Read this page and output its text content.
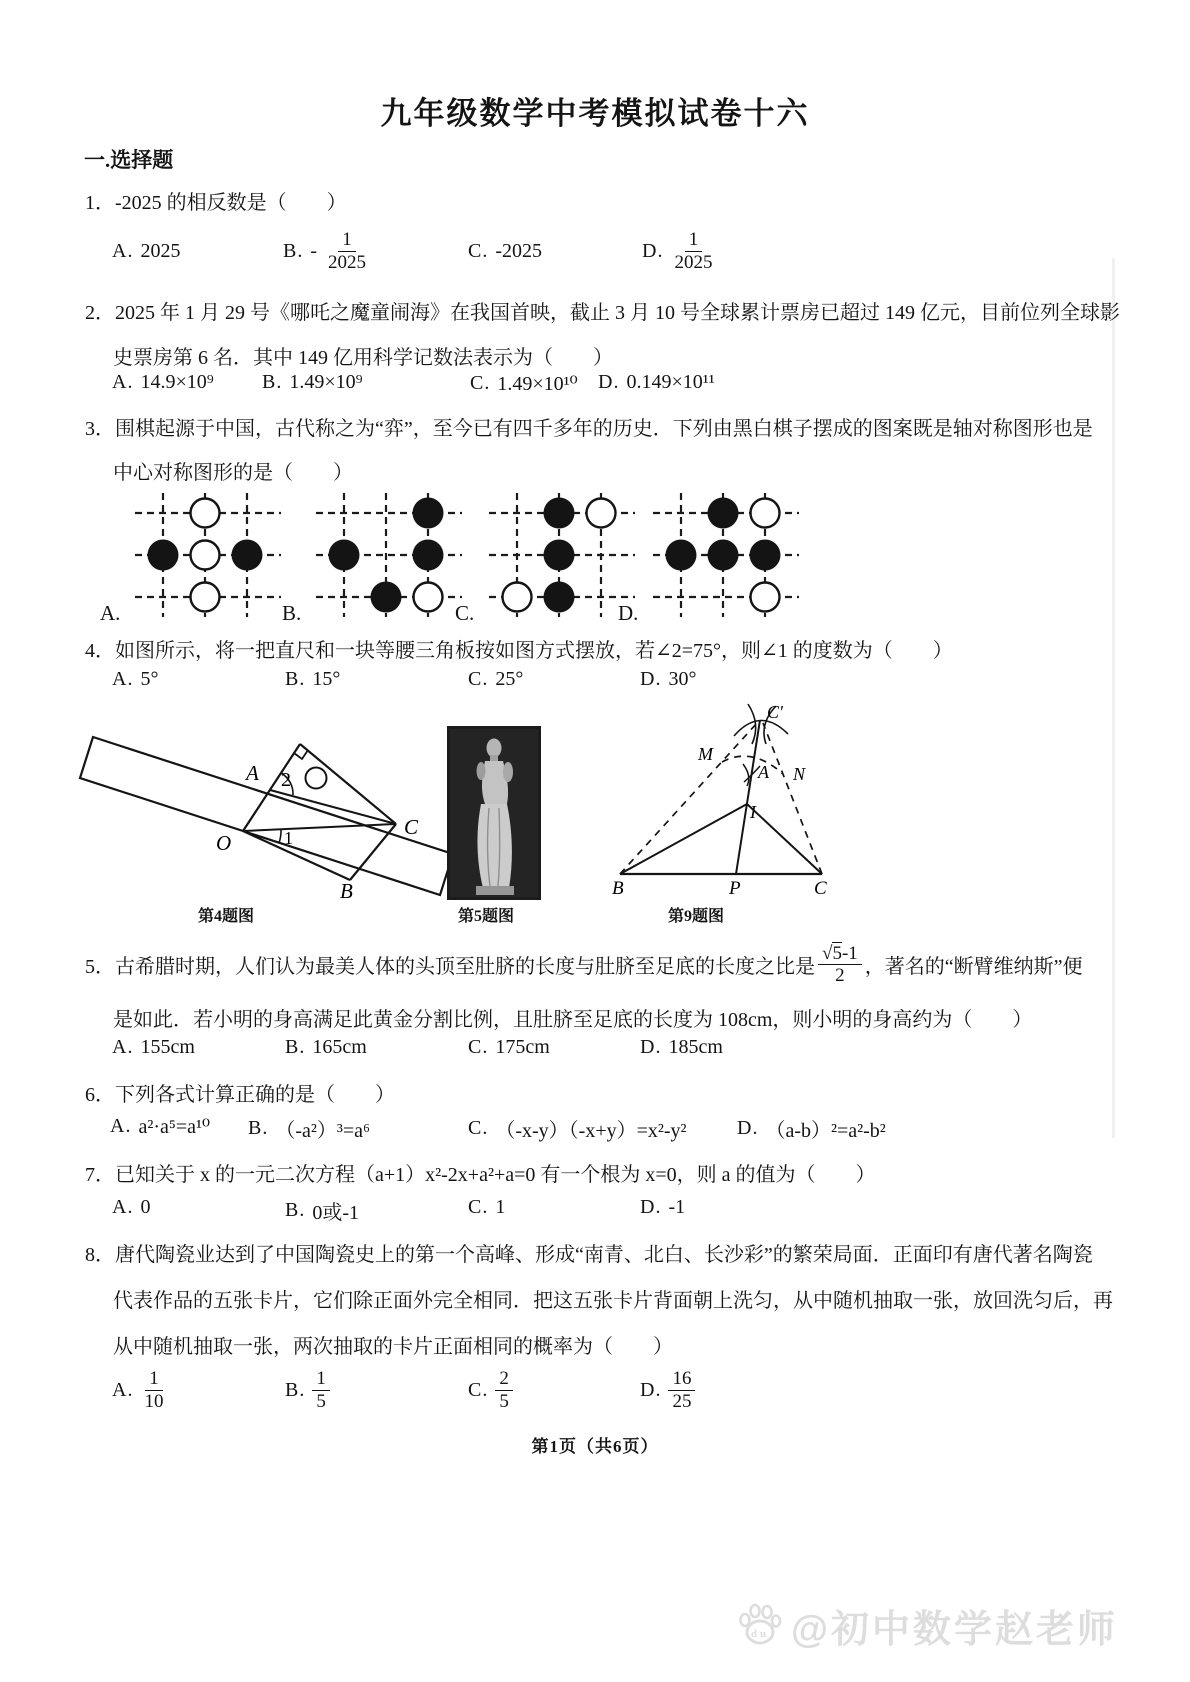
九年级数学中考模拟试卷十六
一.选择题
1．-2025 的相反数是（　　）
A. 2025	B. - $\frac{1}{2025}$	C. -2025	D. $\frac{1}{2025}$
2．2025 年 1 月 29 号《哪吒之魔童闹海》在我国首映，截止 3 月 10 号全球累计票房已超过 149 亿元，目前位列全球影
史票房第 6 名．其中 149 亿用科学记数法表示为（　　）
A. 14.9×10⁹ B. 1.49×10⁹	C. 1.49×10¹⁰ D. 0.149×10¹¹
3．围棋起源于中国，古代称之为“弈”，至今已有四千多年的历史．下列由黑白棋子摆成的图案既是轴对称图形也是
中心对称图形的是（　　）
A.	B.	C.	D.
4．如图所示，将一把直尺和一块等腰三角板按如图方式摆放，若∠2=75°，则∠1 的度数为（　　）
A. 5°	B. 15°	C. 25°	D. 30°
A 2
O	1	C
B
C′
M
N
A
I
B	P	C
第4题图	第5题图	第9题图
5．古希腊时期，人们认为最美人体的头顶至肚脐的长度与肚脐至足底的长度之比是 $\frac{√ 5 -1}{2}$ ，著名的“断臂维纳斯”便
是如此．若小明的身高满足此黄金分割比例，且肚脐至足底的长度为 108cm，则小明的身高约为（　　）
A. 155cm	B. 165cm	C. 175cm	D. 185cm
6．下列各式计算正确的是（　　）
A. a²·a⁵=a¹⁰ B. （-a²）³=a⁶	C. （-x-y）（-x+y）=x²-y²	D. （a-b）²=a²-b²
7．已知关于 x 的一元二次方程（a+1）x²-2x+a²+a=0 有一个根为 x=0，则 a 的值为（　　）
A. 0	B. 0或-1	C. 1	D. -1
8．唐代陶瓷业达到了中国陶瓷史上的第一个高峰、形成“南青、北白、长沙彩”的繁荣局面．正面印有唐代著名陶瓷
代表作品的五张卡片，它们除正面外完全相同．把这五张卡片背面朝上洗匀，从中随机抽取一张，放回洗匀后，再
从中随机抽取一张，两次抽取的卡片正面相同的概率为（　　）
A. $\frac{1}{10}$	B. $\frac{1}{5}$	C. $\frac{2}{5}$	D. $\frac{16}{25}$
第1页（共6页）
du @初中数学赵老师
